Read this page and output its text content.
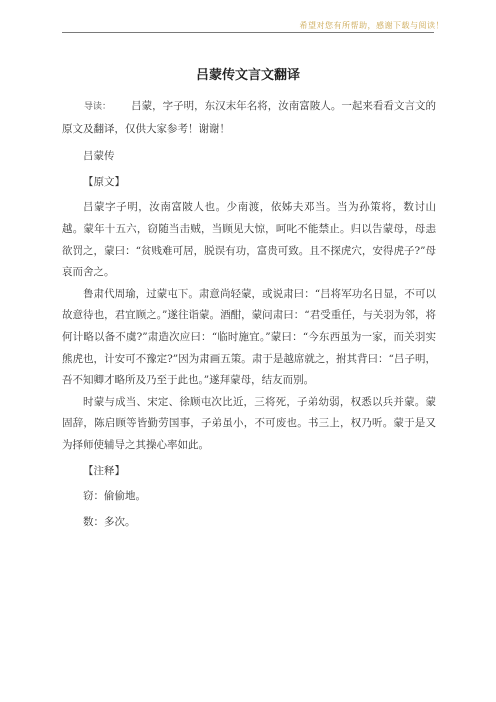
希望对您有所帮助，感谢下载与阅读！
吕蒙传文言文翻译

导读： 吕蒙，字子明，东汉末年名将，汝南富陂人。一起来看看文言文的原文及翻译，仅供大家参考！谢谢！

吕蒙传

【原文】

吕蒙字子明，汝南富陂人也。少南渡，依姊夫邓当。当为孙策将，数讨山越。蒙年十五六，窃随当击贼，当顾见大惊，呵叱不能禁止。归以告蒙母，母恚欲罚之，蒙曰：“贫贱难可居，脱误有功，富贵可致。且不探虎穴，安得虎子?”母哀而舍之。

鲁肃代周瑜，过蒙屯下。肃意尚轻蒙，或说肃曰：“吕将军功名日显，不可以故意待也，君宜顾之。”遂往诣蒙。酒酣，蒙问肃曰：“君受重任，与关羽为邻，将何计略以备不虞?”肃造次应曰：“临时施宜。”蒙曰：“今东西虽为一家，而关羽实熊虎也，计安可不豫定?”因为肃画五策。肃于是越席就之，拊其背曰：“吕子明，吾不知卿才略所及乃至于此也。”遂拜蒙母，结友而别。

时蒙与成当、宋定、徐顾屯次比近，三将死，子弟幼弱，权悉以兵并蒙。蒙固辞，陈启顾等皆勤劳国事，子弟虽小，不可废也。书三上，权乃听。蒙于是又为择师使辅导之其操心率如此。

【注释】

窃：偷偷地。

数：多次。
